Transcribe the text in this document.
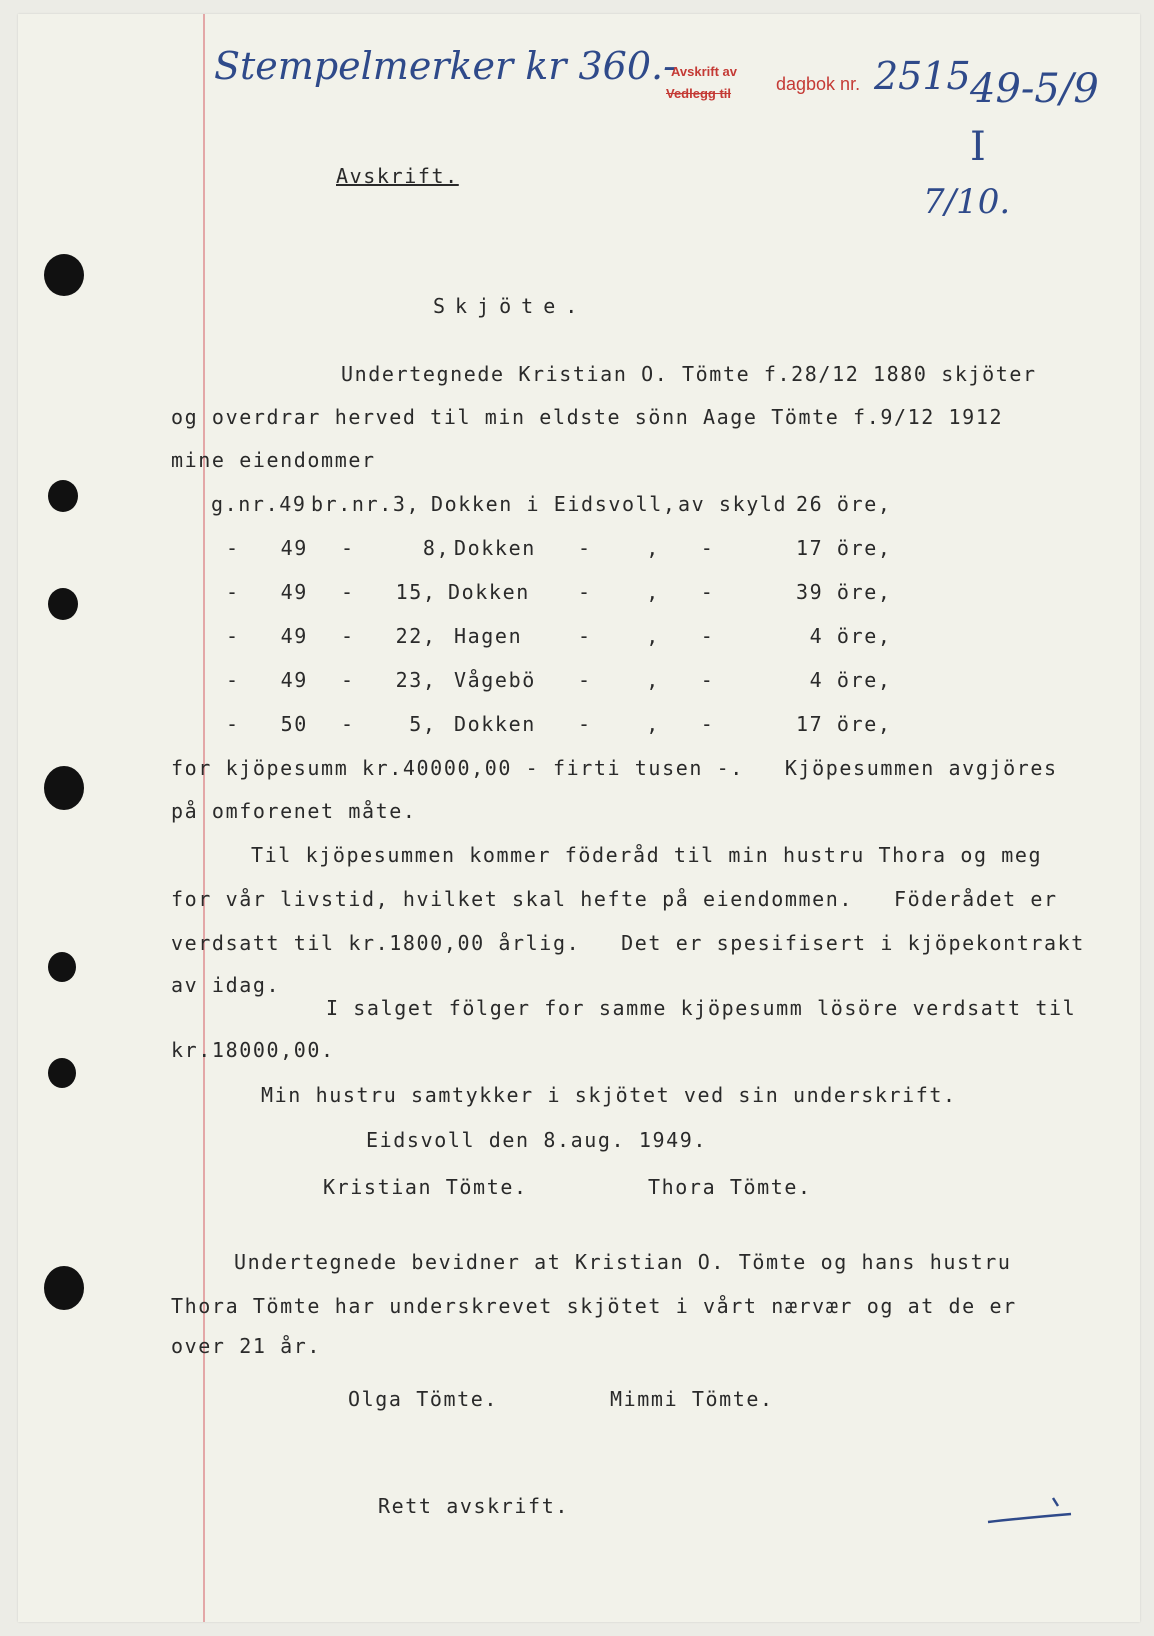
Stempelmerker kr 360.-
Avskrift av
Vedlegg til dagbok nr. 2515 49-5/9
I
7/10.
Avskrift.
Skjöte.
Undertegnede Kristian O. Tömte f.28/12 1880 skjöter
og overdrar herved til min eldste sönn Aage Tömte f.9/12 1912
mine eiendommer
g.nr.49 br.nr.3, Dokken i Eidsvoll, av skyld 26 öre,
-   49 -     8, Dokken -    ,   -	17 öre,
-   49 -   15, Dokken -    ,   -	39 öre,
-   49 -   22, Hagen	-    ,   -	4 öre,
-   49 -   23, Vågebö -    ,   -	4 öre,
-   50 -    5, Dokken -    ,   -	17 öre,
for kjöpesumm kr.40000,00 - firti tusen -.   Kjöpesummen avgjöres
på omforenet måte.
Til kjöpesummen kommer föderåd til min hustru Thora og meg
for vår livstid, hvilket skal hefte på eiendommen.   Föderådet er
verdsatt til kr.1800,00 årlig.   Det er spesifisert i kjöpekontrakt
av idag.
I salget fölger for samme kjöpesumm lösöre verdsatt til
kr.18000,00.
Min hustru samtykker i skjötet ved sin underskrift.
Eidsvoll den 8.aug. 1949.
Kristian Tömte.	Thora Tömte.
Undertegnede bevidner at Kristian O. Tömte og hans hustru
Thora Tömte har underskrevet skjötet i vårt nærvær og at de er
over 21 år.
Olga Tömte.	Mimmi Tömte.
Rett avskrift.
